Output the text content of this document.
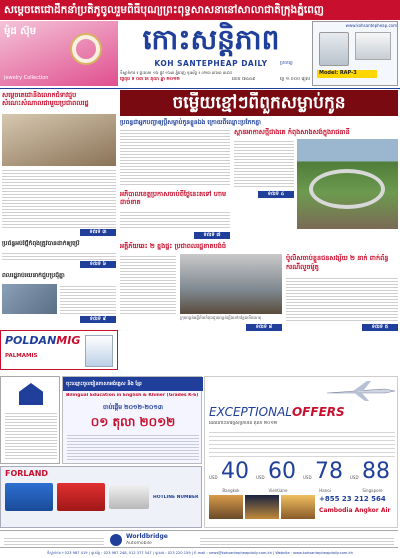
សម្ដេចតេជោដឹកនាំប្រតិភូចូលរួមពិធីបុណ្យព្រះពុទ្ធសាសនានៅសាលាជាតិក្រុងភ្នំពេញ
ម៉ូដ ស៊ុម
Jewelry Collection
ប្រចាំថ្ងៃ
កោះសន្តិភាព
KOH SANTEPHEAP DAILY
ទីស្នាក់ការ ៖ ផ្ទះលេខ ១៦ ផ្លូវ ១៦៣ ភ្នំពេញ ទូរស័ព្ទ ៖ ០២៣ ៣៦៣ ៣៩៥
ថ្ងៃពុធ ទី ០៣ ខែ តុលា ឆ្នាំ ២០១២	លេខ ៧៤៤៩	ថ្លៃ ១.០០០ រៀល
www.kohsantepheap.com
Model: RAP-3
សម្ដេចតេជោនិងលោកជំទាវជួបសំណេះសំណាលជាមួយប្រជាពលរដ្ឋ
ទំព័រទី ៣
ប្រព័ន្ធអប់រំថ្មីកំពុងត្រូវបានដាក់ឲ្យប្រើ
ទំព័រទី ៦
ពលរដ្ឋរាប់រយនាក់ជួបប្រជុំគ្នា
ទំព័រទី ៩
ចម្លើយខ្មៅៗពីពួកសម្លាប់កូន
ប្រពន្ធជាអ្នកបញ្ជាឲ្យប្ដីសម្លាប់កូនខ្លួនឯង ក្រោយពីឈ្លោះប្រកែកគ្នា
អភិបាលខេត្តប្រកាសចាប់ពីថ្ងៃនេះតទៅ ហាមដាច់ខាត
ទំព័រទី ៧
ស្ពានអាកាសថ្មីជាងគេ កំពុងសាងសង់ក្នុងរាជធានី
ទំព័រទី ៤
អគ្គីភ័យឆេះ ២ ខ្នងផ្ទះ ប្រជាពលរដ្ឋខាតបង់ធំ
ក្រុមពន្លត់អគ្គីភ័យកំពុងជួយពន្លត់ភ្លើងនៅកន្លែងកើតហេតុ
ទំព័រទី ៨
ប៉ូលិសចាប់ខ្លួនជនសង្ស័យ ២ នាក់ ពាក់ព័ន្ធករណីលួចម៉ូតូ
ទំព័រទី ៥
POLDANMIG
PALMAMIS
ចុះឈ្មោះចូលរៀនភាសាអង់គ្លេស និង ខ្មែរ
Bilingual Education in English & Khmer (Grades K-6)
ចាប់ផ្ដើម ២០១២-២០១៣
០១ តុលា ២០១២
EXCEPTIONALOFFERS
ជើងហោះហើរថ្មីសម្រាប់ខែ តុលា ២០១២
USD 40	USD 60	USD 78	USD 88
Bangkok	Vientiane	Hanoi	Singapore
+855 23 212 564
Cambodia Angkor Air
FORLAND
HOTLINE NUMBER
Worldbridge
Automobile
ទីស្នាក់ការ ៖ 023 987 419 | ទូរស័ព្ទ : 023 987 248, 012 377 547 | ទូរសារ : 023 220 159 | E-mail : news@kohsantepheapdaily.com.kh | Website : www.kohsantepheapdaily.com.kh
